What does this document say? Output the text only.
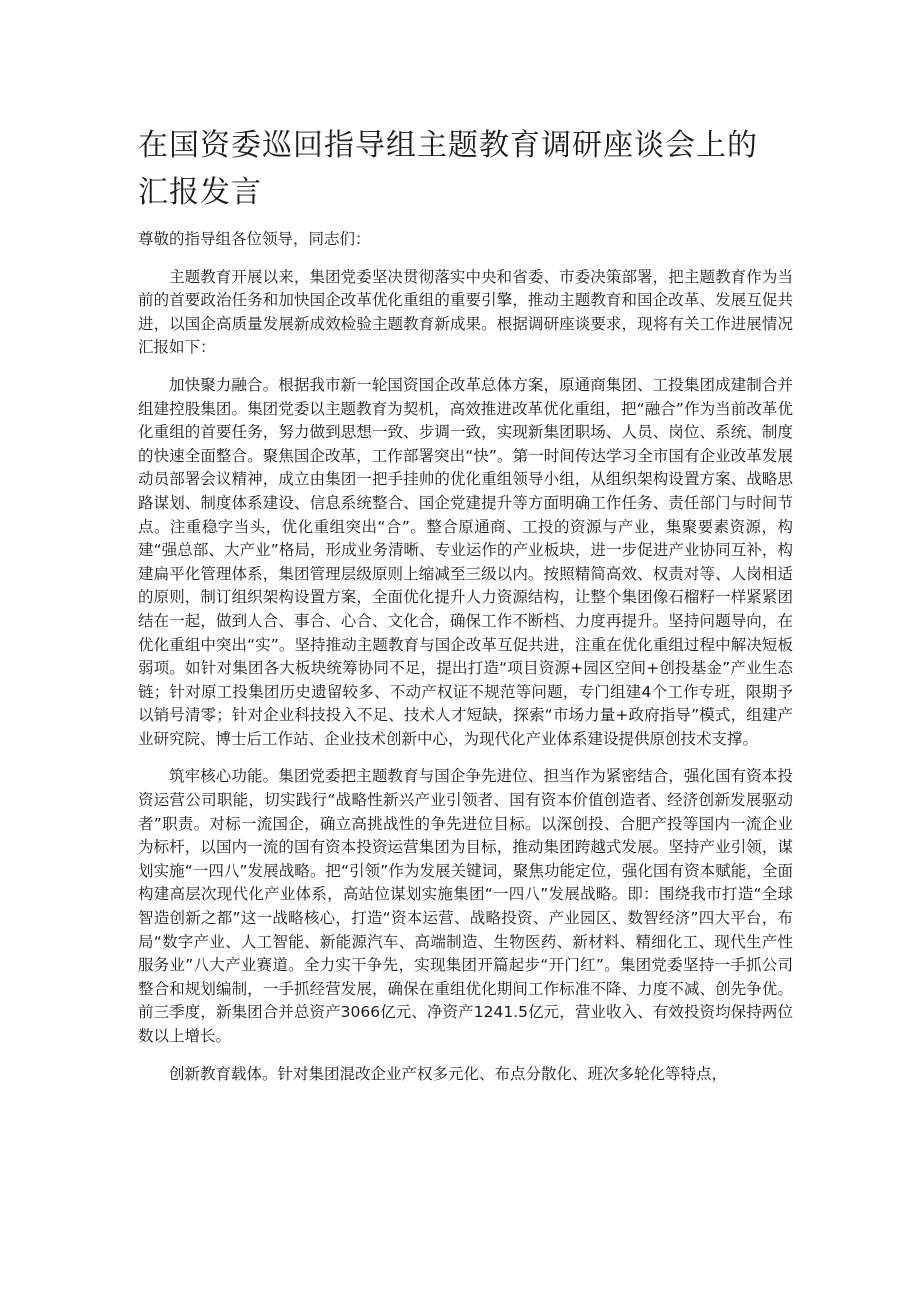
在国资委巡回指导组主题教育调研座谈会上的汇报发言

尊敬的指导组各位领导，同志们：

主题教育开展以来，集团党委坚决贯彻落实中央和省委、市委决策部署，把主题教育作为当前的首要政治任务和加快国企改革优化重组的重要引擎，推动主题教育和国企改革、发展互促共进，以国企高质量发展新成效检验主题教育新成果。根据调研座谈要求，现将有关工作进展情况汇报如下：

加快聚力融合。根据我市新一轮国资国企改革总体方案，原通商集团、工投集团成建制合并组建控股集团。集团党委以主题教育为契机，高效推进改革优化重组，把“融合”作为当前改革优化重组的首要任务，努力做到思想一致、步调一致，实现新集团职场、人员、岗位、系统、制度的快速全面整合。聚焦国企改革，工作部署突出“快”。第一时间传达学习全市国有企业改革发展动员部署会议精神，成立由集团一把手挂帅的优化重组领导小组，从组织架构设置方案、战略思路谋划、制度体系建设、信息系统整合、国企党建提升等方面明确工作任务、责任部门与时间节点。注重稳字当头，优化重组突出“合”。整合原通商、工投的资源与产业，集聚要素资源，构建“强总部、大产业”格局，形成业务清晰、专业运作的产业板块，进一步促进产业协同互补，构建扁平化管理体系，集团管理层级原则上缩减至三级以内。按照精简高效、权责对等、人岗相适的原则，制订组织架构设置方案，全面优化提升人力资源结构，让整个集团像石榴籽一样紧紧团结在一起，做到人合、事合、心合、文化合，确保工作不断档、力度再提升。坚持问题导向，在优化重组中突出“实”。坚持推动主题教育与国企改革互促共进，注重在优化重组过程中解决短板弱项。如针对集团各大板块统筹协同不足，提出打造“项目资源+园区空间+创投基金”产业生态链；针对原工投集团历史遗留较多、不动产权证不规范等问题，专门组建4个工作专班，限期予以销号清零；针对企业科技投入不足、技术人才短缺，探索“市场力量+政府指导”模式，组建产业研究院、博士后工作站、企业技术创新中心，为现代化产业体系建设提供原创技术支撑。

筑牢核心功能。集团党委把主题教育与国企争先进位、担当作为紧密结合，强化国有资本投资运营公司职能，切实践行“战略性新兴产业引领者、国有资本价值创造者、经济创新发展驱动者”职责。对标一流国企，确立高挑战性的争先进位目标。以深创投、合肥产投等国内一流企业为标杆，以国内一流的国有资本投资运营集团为目标，推动集团跨越式发展。坚持产业引领，谋划实施“一四八”发展战略。把“引领”作为发展关键词，聚焦功能定位，强化国有资本赋能，全面构建高层次现代化产业体系，高站位谋划实施集团“一四八”发展战略。即：围绕我市打造“全球智造创新之都”这一战略核心，打造“资本运营、战略投资、产业园区、数智经济”四大平台，布局“数字产业、人工智能、新能源汽车、高端制造、生物医药、新材料、精细化工、现代生产性服务业”八大产业赛道。全力实干争先，实现集团开篇起步“开门红”。集团党委坚持一手抓公司整合和规划编制，一手抓经营发展，确保在重组优化期间工作标准不降、力度不减、创先争优。前三季度，新集团合并总资产3066亿元、净资产1241.5亿元，营业收入、有效投资均保持两位数以上增长。

创新教育载体。针对集团混改企业产权多元化、布点分散化、班次多轮化等特点，
